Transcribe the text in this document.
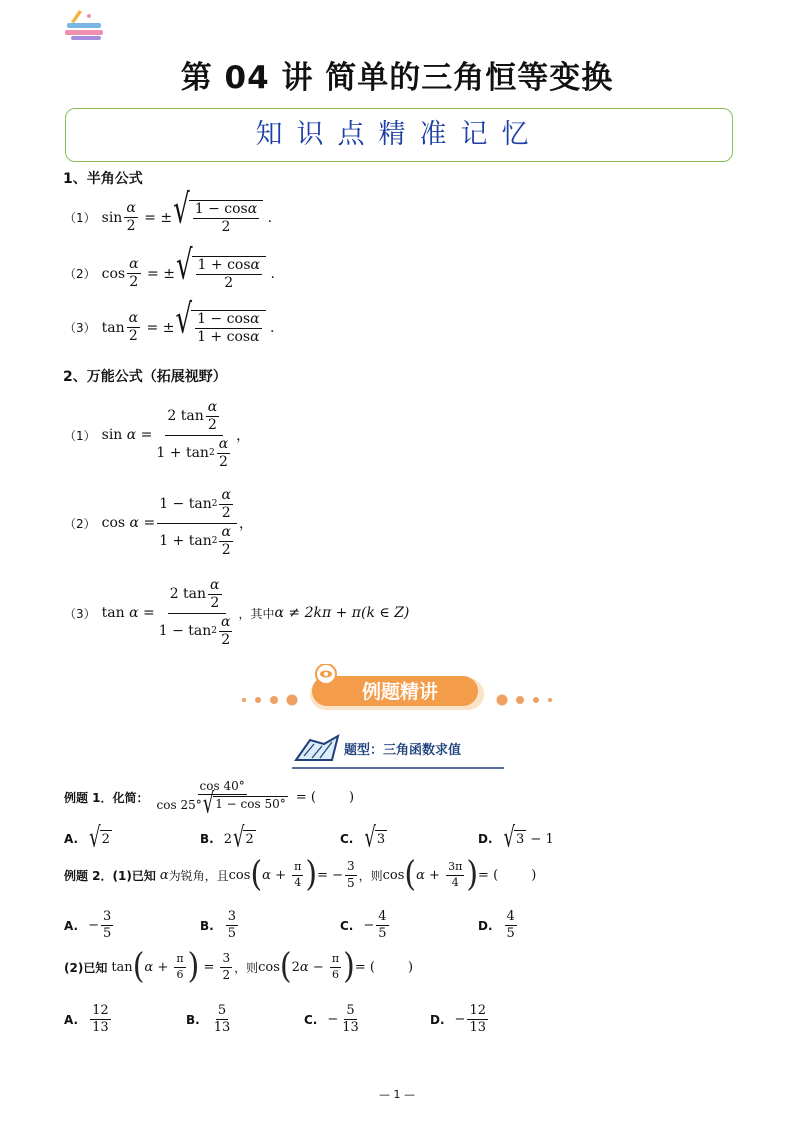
第 04 讲 简单的三角恒等变换
知识点精准记忆
1、半角公式
（1） $\sin \frac{\alpha}{2}$ = ± √ $\frac{1 - \cos\alpha}{2}$ .
（2） $\cos \frac{\alpha}{2}$ = ± √ $\frac{1 + \cos\alpha}{2}$ .
（3） $\tan \frac{\alpha}{2}$ = ± √ $\frac{1 - \cos\alpha}{1 + \cos\alpha}$ .
2、万能公式（拓展视野）
（1） $\sin \alpha = \frac{2 \tan \frac{\alpha}{2}}{1 + \tan 2 \frac{\alpha}{2}}$ ，
（2） $\cos \alpha = \frac{1 - \tan 2 \frac{\alpha}{2}}{1 + \tan 2 \frac{\alpha}{2}}$ ，
（3） $\tan \alpha = \frac{2 \tan \frac{\alpha}{2}}{1 - \tan 2 \frac{\alpha}{2}}$ ，其中 α ≠ 2kπ + π(k ∈ Z)
例题精讲
题型：三角函数求值
例题 1．化简： $\frac{\cos 40^\circ}{\cos 25^\circ √ 1 - \cos 50^\circ}$ = (        )
A. √ 2	B. 2 √ 2	C. √ 3	D. √ 3 − 1
例题 2．(1)已知 α 为锐角，且 cos ( $\alpha + \frac{\pi}{4}$ ) = − $\frac{3}{5}$ ，则 cos ( $\alpha + \frac{3\pi}{4}$ ) = (        )
A. − $\frac{3}{5}$	B. $\frac{3}{5}$	C. − $\frac{4}{5}$	D. $\frac{4}{5}$
(2)已知 tan ( $\alpha + \frac{\pi}{6}$ ) = $\frac{3}{2}$ ，则 cos ( 2 $\alpha - \frac{\pi}{6}$ ) = (        )
A. $\frac{12}{13}$	B. $\frac{5}{13}$	C. − $\frac{5}{13}$	D. − $\frac{12}{13}$
— 1 —
